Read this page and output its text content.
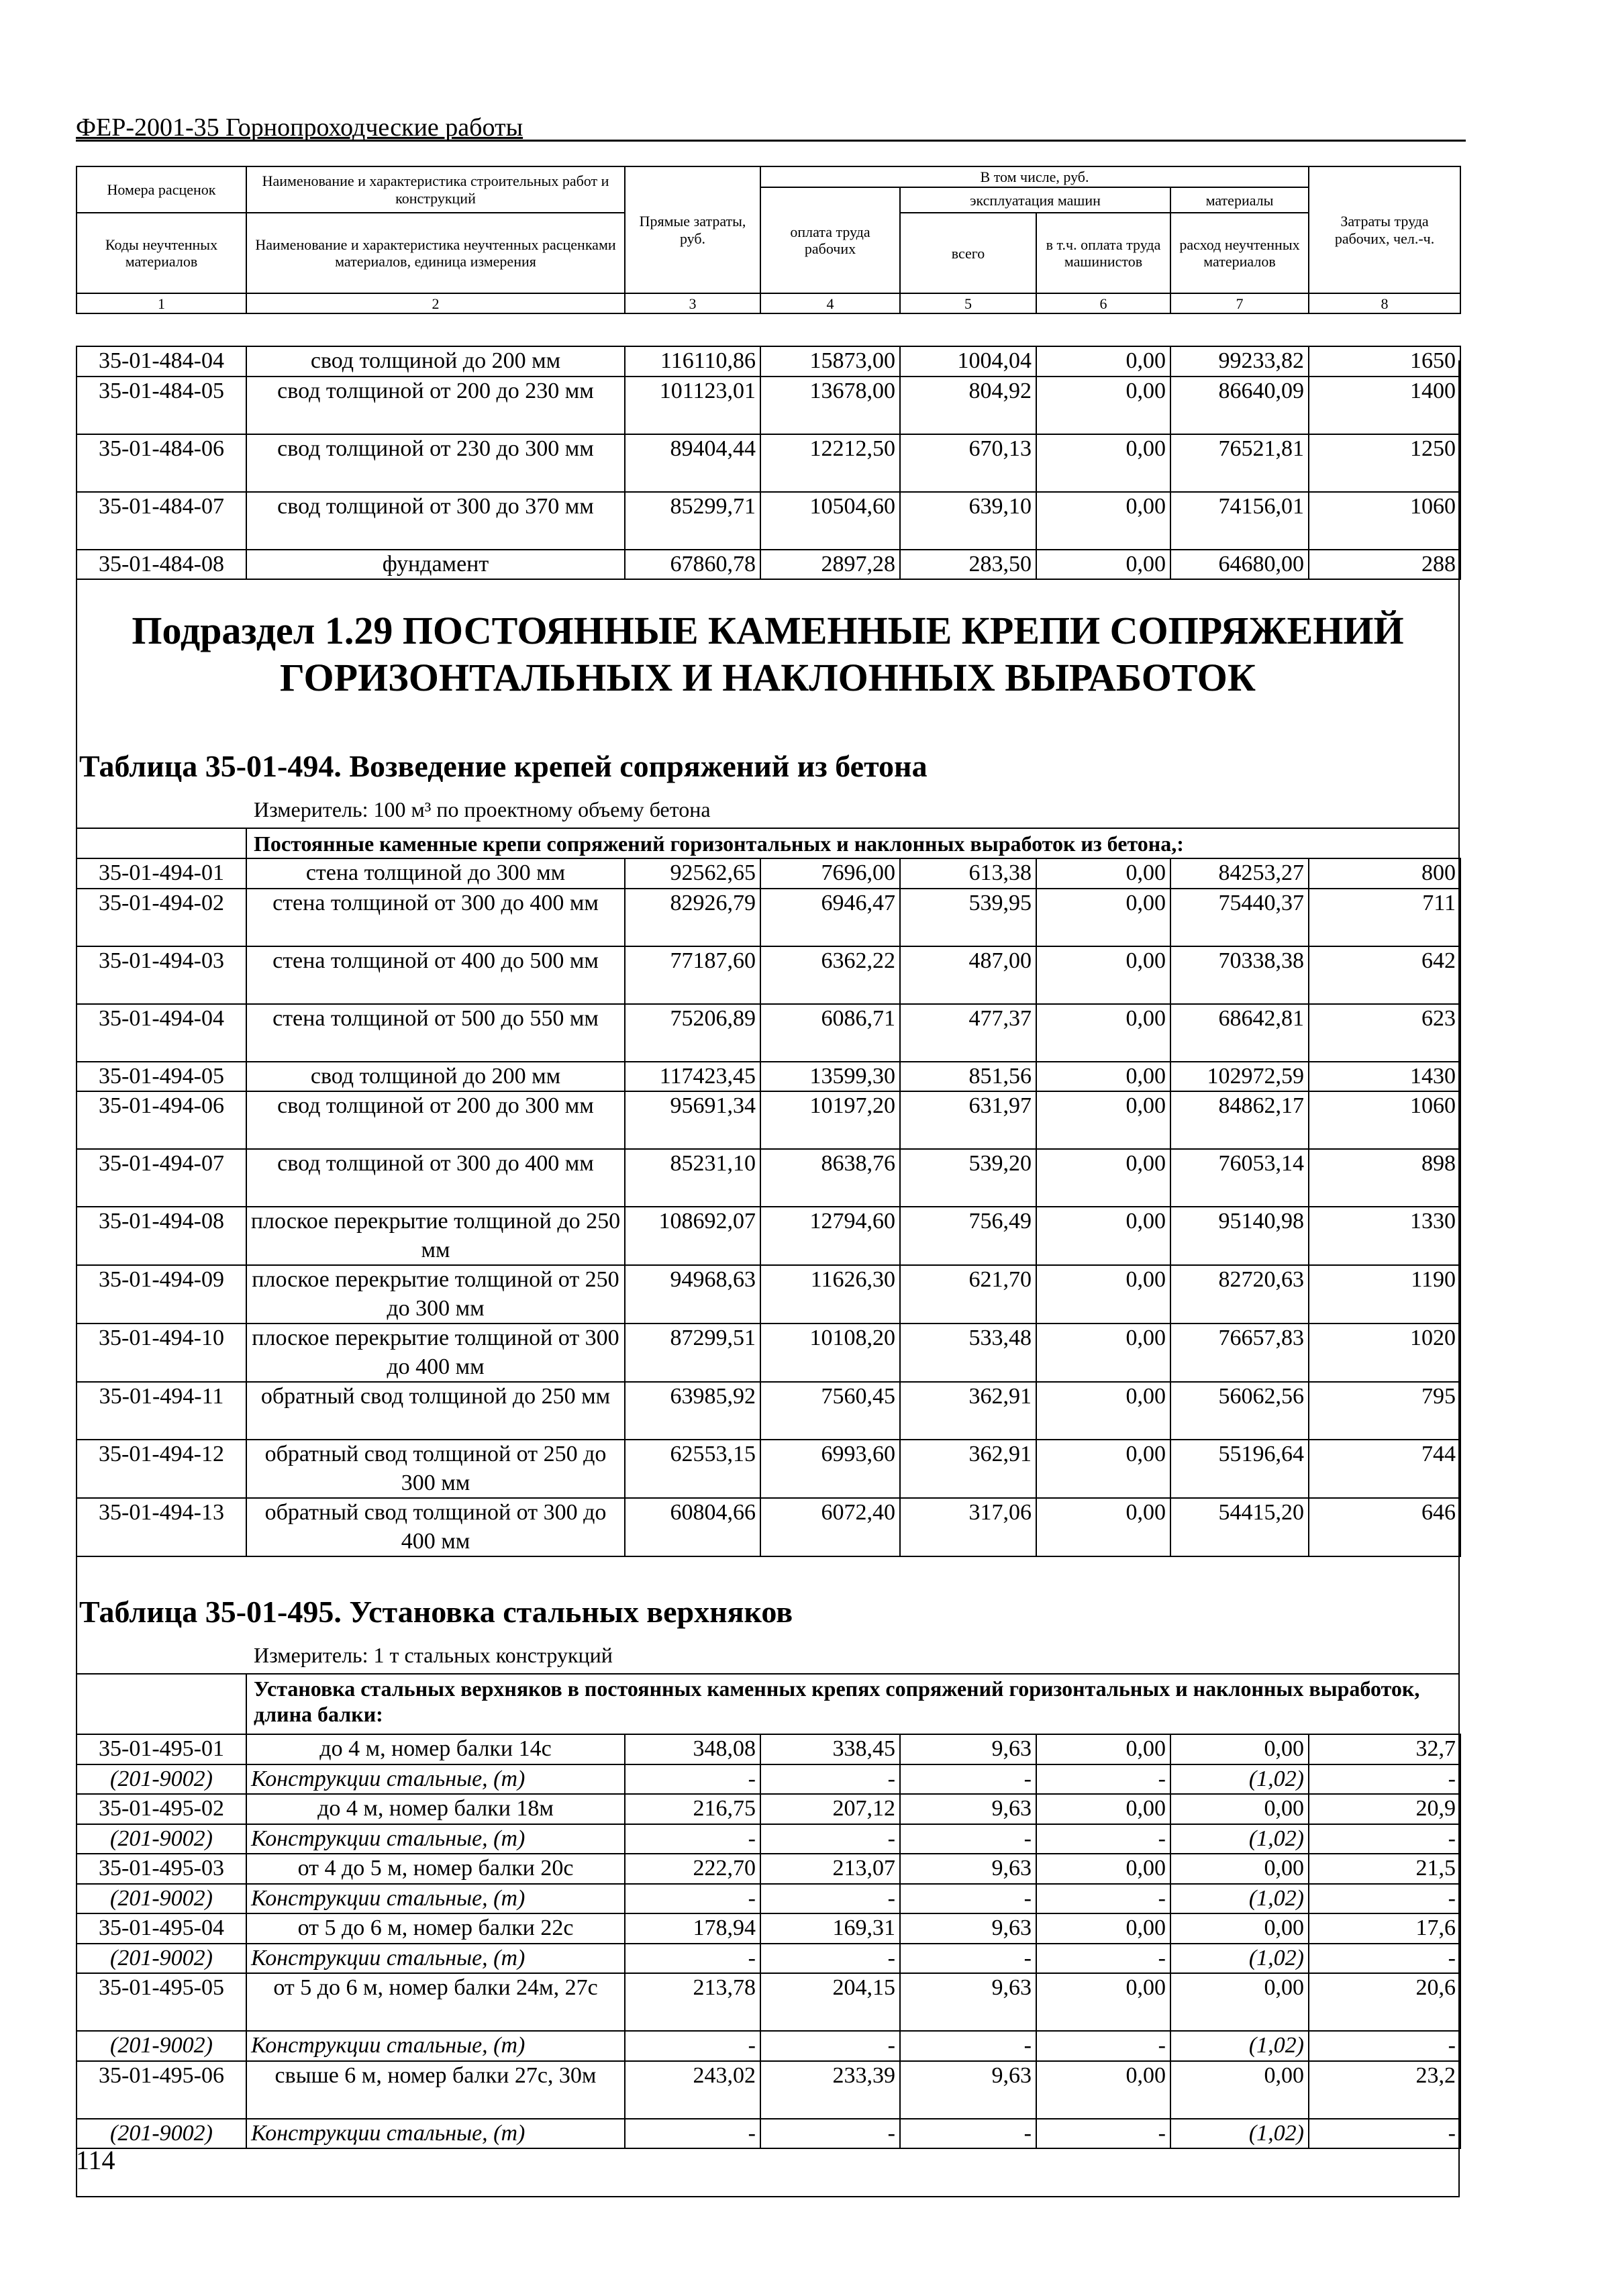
ФЕР-2001-35 Горнопроходческие работы
Номера расценок	Наименование и характеристика строительных работ и конструкций	Прямые затраты, руб.	В том числе, руб.				Затраты труда рабочих, чел.-ч.
			оплата труда рабочих	эксплуатация машин		материалы	
Коды неучтенных материалов	Наименование и характеристика неучтенных расценками материалов, единица измерения			всего	в т.ч. оплата труда машинистов	расход неучтенных материалов	

1	2	3	4	5	6	7	8
35-01-484-04	свод толщиной до 200 мм	116110,86	15873,00	1004,04	0,00	99233,82	1650
35-01-484-05	свод толщиной от 200 до 230 мм	101123,01	13678,00	804,92	0,00	86640,09	1400
35-01-484-06	свод толщиной от 230 до 300 мм	89404,44	12212,50	670,13	0,00	76521,81	1250
35-01-484-07	свод толщиной от 300 до 370 мм	85299,71	10504,60	639,10	0,00	74156,01	1060
35-01-484-08	фундамент	67860,78	2897,28	283,50	0,00	64680,00	288
Подраздел 1.29 ПОСТОЯННЫЕ КАМЕННЫЕ КРЕПИ СОПРЯЖЕНИЙ ГОРИЗОНТАЛЬНЫХ И НАКЛОННЫХ ВЫРАБОТОК
Таблица 35-01-494. Возведение крепей сопряжений из бетона
Измеритель: 100 м³ по проектному объему бетона
Постоянные каменные крепи сопряжений горизонтальных и наклонных выработок из бетона,:
35-01-494-01	стена толщиной до 300 мм	92562,65	7696,00	613,38	0,00	84253,27	800
35-01-494-02	стена толщиной от 300 до 400 мм	82926,79	6946,47	539,95	0,00	75440,37	711
35-01-494-03	стена толщиной от 400 до 500 мм	77187,60	6362,22	487,00	0,00	70338,38	642
35-01-494-04	стена толщиной от 500 до 550 мм	75206,89	6086,71	477,37	0,00	68642,81	623
35-01-494-05	свод толщиной до 200 мм	117423,45	13599,30	851,56	0,00	102972,59	1430
35-01-494-06	свод толщиной от 200 до 300 мм	95691,34	10197,20	631,97	0,00	84862,17	1060
35-01-494-07	свод толщиной от 300 до 400 мм	85231,10	8638,76	539,20	0,00	76053,14	898
35-01-494-08	плоское перекрытие толщиной до 250 мм	108692,07	12794,60	756,49	0,00	95140,98	1330
35-01-494-09	плоское перекрытие толщиной от 250 до 300 мм	94968,63	11626,30	621,70	0,00	82720,63	1190
35-01-494-10	плоское перекрытие толщиной от 300 до 400 мм	87299,51	10108,20	533,48	0,00	76657,83	1020
35-01-494-11	обратный свод толщиной до 250 мм	63985,92	7560,45	362,91	0,00	56062,56	795
35-01-494-12	обратный свод толщиной от 250 до 300 мм	62553,15	6993,60	362,91	0,00	55196,64	744
35-01-494-13	обратный свод толщиной от 300 до 400 мм	60804,66	6072,40	317,06	0,00	54415,20	646
Таблица 35-01-495. Установка стальных верхняков
Измеритель: 1 т стальных конструкций
Установка стальных верхняков в постоянных каменных крепях сопряжений горизонтальных и наклонных выработок, длина балки:
35-01-495-01	до 4 м, номер балки 14с	348,08	338,45	9,63	0,00	0,00	32,7
(201-9002)	Конструкции стальные, (т)	-	-	-	-	(1,02)	-
35-01-495-02	до 4 м, номер балки 18м	216,75	207,12	9,63	0,00	0,00	20,9
(201-9002)	Конструкции стальные, (т)	-	-	-	-	(1,02)	-
35-01-495-03	от 4 до 5 м, номер балки 20с	222,70	213,07	9,63	0,00	0,00	21,5
(201-9002)	Конструкции стальные, (т)	-	-	-	-	(1,02)	-
35-01-495-04	от 5 до 6 м, номер балки 22с	178,94	169,31	9,63	0,00	0,00	17,6
(201-9002)	Конструкции стальные, (т)	-	-	-	-	(1,02)	-
35-01-495-05	от 5 до 6 м, номер балки 24м, 27с	213,78	204,15	9,63	0,00	0,00	20,6
(201-9002)	Конструкции стальные, (т)	-	-	-	-	(1,02)	-
35-01-495-06	свыше 6 м, номер балки 27с, 30м	243,02	233,39	9,63	0,00	0,00	23,2
(201-9002)	Конструкции стальные, (т)	-	-	-	-	(1,02)	-
114
